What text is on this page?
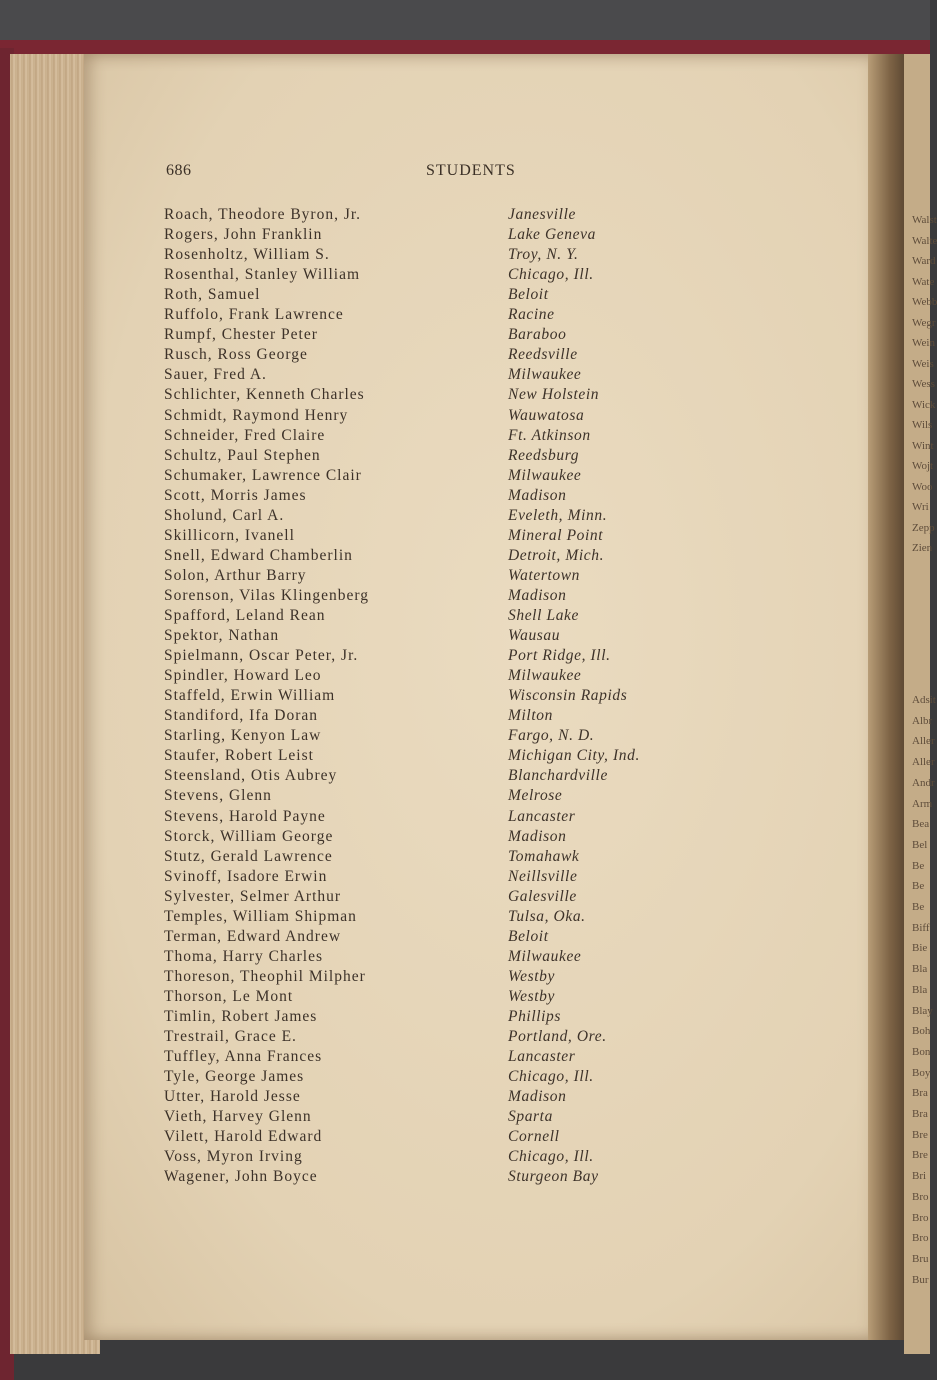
Walst
Walte
Ward
Wate
Webb
Wegr
Wein
Weis
Wess
Wick
Wils
Wint
Wojt
Woo
Wri
Zepp
Zien
Adsit
Albr
Aller
Aller
Andr
Arm
Bea
Bel
Be
Be
Be
Biff
Bie
Bla
Bla
Blay
Boh
Bon
Boy
Bra
Bra
Bre
Bre
Bri
Bro
Bro
Bro
Bru
Bur
686	STUDENTS
Roach, Theodore Byron, Jr.	Janesville
Rogers, John Franklin	Lake Geneva
Rosenholtz, William S.	Troy, N. Y.
Rosenthal, Stanley William	Chicago, Ill.
Roth, Samuel	Beloit
Ruffolo, Frank Lawrence	Racine
Rumpf, Chester Peter	Baraboo
Rusch, Ross George	Reedsville
Sauer, Fred A.	Milwaukee
Schlichter, Kenneth Charles	New Holstein
Schmidt, Raymond Henry	Wauwatosa
Schneider, Fred Claire	Ft. Atkinson
Schultz, Paul Stephen	Reedsburg
Schumaker, Lawrence Clair	Milwaukee
Scott, Morris James	Madison
Sholund, Carl A.	Eveleth, Minn.
Skillicorn, Ivanell	Mineral Point
Snell, Edward Chamberlin	Detroit, Mich.
Solon, Arthur Barry	Watertown
Sorenson, Vilas Klingenberg	Madison
Spafford, Leland Rean	Shell Lake
Spektor, Nathan	Wausau
Spielmann, Oscar Peter, Jr.	Port Ridge, Ill.
Spindler, Howard Leo	Milwaukee
Staffeld, Erwin William	Wisconsin Rapids
Standiford, Ifa Doran	Milton
Starling, Kenyon Law	Fargo, N. D.
Staufer, Robert Leist	Michigan City, Ind.
Steensland, Otis Aubrey	Blanchardville
Stevens, Glenn	Melrose
Stevens, Harold Payne	Lancaster
Storck, William George	Madison
Stutz, Gerald Lawrence	Tomahawk
Svinoff, Isadore Erwin	Neillsville
Sylvester, Selmer Arthur	Galesville
Temples, William Shipman	Tulsa, Oka.
Terman, Edward Andrew	Beloit
Thoma, Harry Charles	Milwaukee
Thoreson, Theophil Milpher	Westby
Thorson, Le Mont	Westby
Timlin, Robert James	Phillips
Trestrail, Grace E.	Portland, Ore.
Tuffley, Anna Frances	Lancaster
Tyle, George James	Chicago, Ill.
Utter, Harold Jesse	Madison
Vieth, Harvey Glenn	Sparta
Vilett, Harold Edward	Cornell
Voss, Myron Irving	Chicago, Ill.
Wagener, John Boyce	Sturgeon Bay
